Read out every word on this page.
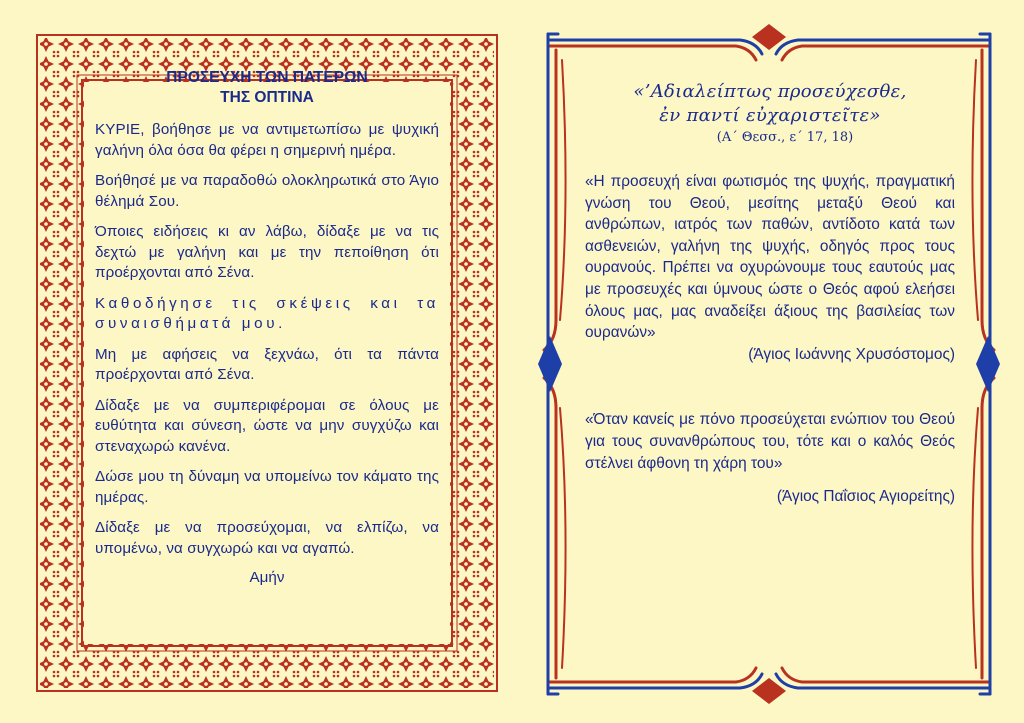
ΠΡΟΣΕΥΧΗ ΤΩΝ ΠΑΤΕΡΩΝ
ΤΗΣ ΟΠΤΙΝΑ

ΚΥΡΙΕ, βοήθησε με να αντιμετωπίσω με ψυχική γαλήνη όλα όσα θα φέρει η σημερινή ημέρα.

Βοήθησέ με να παραδοθώ ολοκληρωτικά στο Άγιο θέλημά Σου.

Όποιες ειδήσεις κι αν λάβω, δίδαξε με να τις δεχτώ με γαλήνη και με την πεποίθηση ότι προέρχονται από Σένα.

Καθοδήγησε τις σκέψεις και τα συναισθήματά μου.

Μη με αφήσεις να ξεχνάω, ότι τα πάντα προέρχονται από Σένα.

Δίδαξε με να συμπεριφέρομαι σε όλους με ευθύτητα και σύνεση, ώστε να μην συγχύζω και στεναχωρώ κανένα.

Δώσε μου τη δύναμη να υπομείνω τον κάματο της ημέρας.

Δίδαξε με να προσεύχομαι, να ελπίζω, να υπομένω, να συγχωρώ και να αγαπώ.

Αμήν
«’Αδιαλείπτως προσεύχεσθε,
ἐν παντί εὐχαριστεῖτε»
(Α΄ Θεσσ., ε΄ 17, 18)

«Η προσευχή είναι φωτισμός της ψυχής, πραγματική γνώση του Θεού, μεσίτης μεταξύ Θεού και ανθρώπων, ιατρός των παθών, αντίδοτο κατά των ασθενειών, γαλήνη της ψυχής, οδηγός προς τους ουρανούς. Πρέπει να οχυρώνουμε τους εαυτούς μας με προσευχές και ύμνους ώστε ο Θεός αφού ελεήσει όλους μας, μας αναδείξει άξιους της βασιλείας των ουρανών»

(Άγιος Ιωάννης Χρυσόστομος)

«Όταν κανείς με πόνο προσεύχεται ενώπιον του Θεού για τους συνανθρώπους του, τότε και ο καλός Θεός στέλνει άφθονη τη χάρη του»

(Άγιος Παΐσιος Αγιορείτης)
